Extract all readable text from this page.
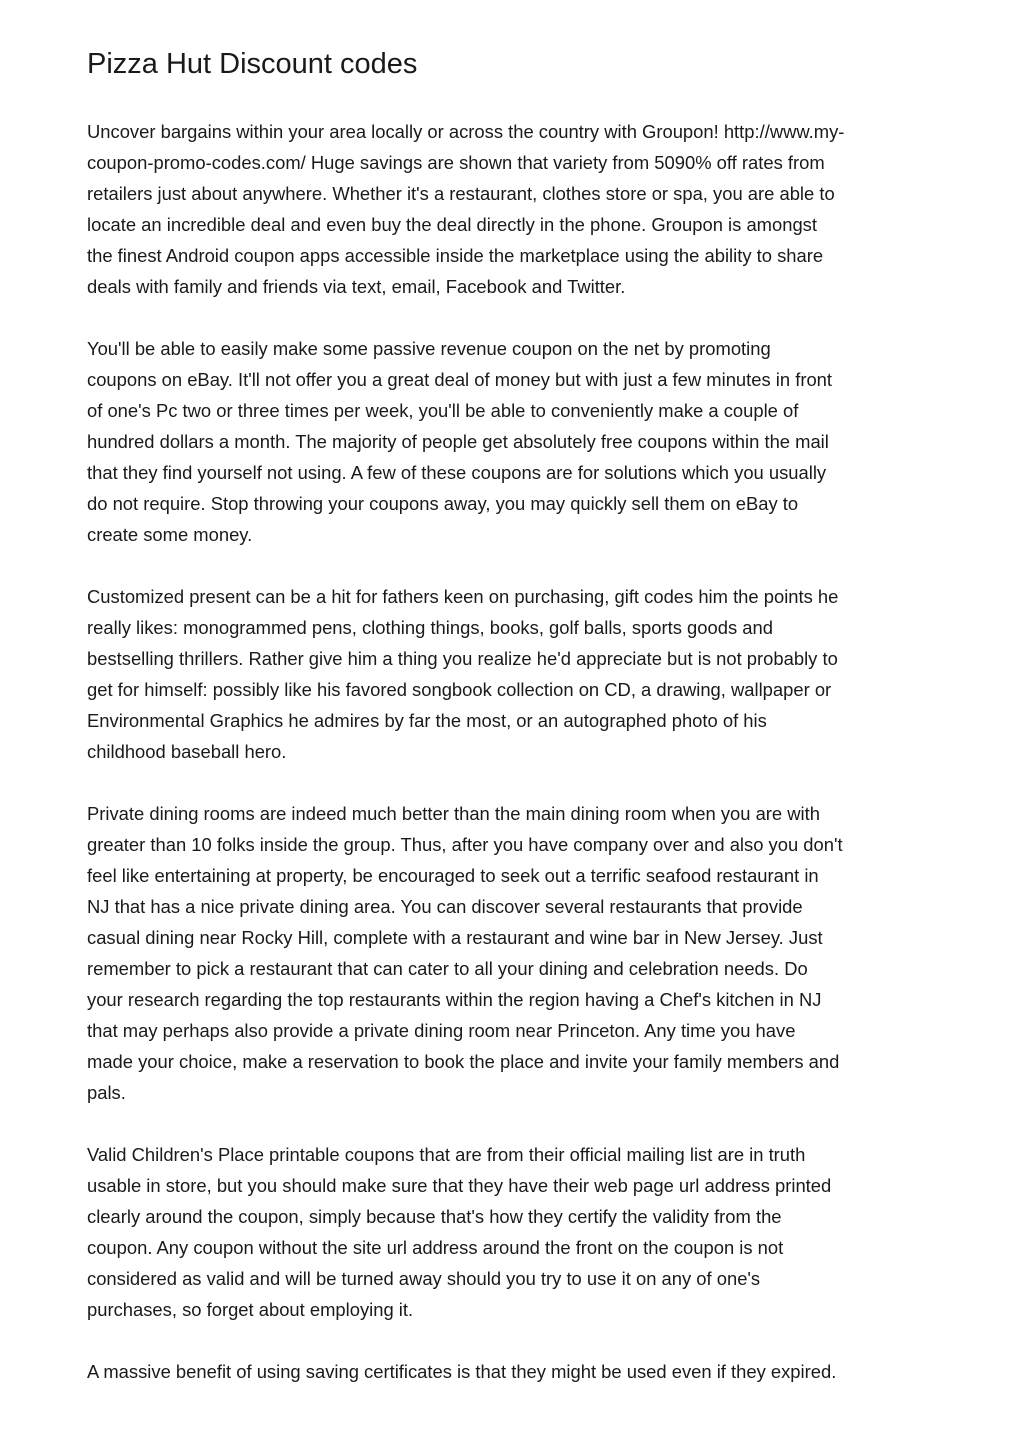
Pizza Hut Discount codes
Uncover bargains within your area locally or across the country with Groupon! http://www.my-
coupon-promo-codes.com/ Huge savings are shown that variety from 5090% off rates from
retailers just about anywhere. Whether it's a restaurant, clothes store or spa, you are able to
locate an incredible deal and even buy the deal directly in the phone. Groupon is amongst
the finest Android coupon apps accessible inside the marketplace using the ability to share
deals with family and friends via text, email, Facebook and Twitter.
You'll be able to easily make some passive revenue coupon on the net by promoting
coupons on eBay. It'll not offer you a great deal of money but with just a few minutes in front
of one's Pc two or three times per week, you'll be able to conveniently make a couple of
hundred dollars a month. The majority of people get absolutely free coupons within the mail
that they find yourself not using. A few of these coupons are for solutions which you usually
do not require. Stop throwing your coupons away, you may quickly sell them on eBay to
create some money.
Customized present can be a hit for fathers keen on purchasing, gift codes him the points he
really likes: monogrammed pens, clothing things, books, golf balls, sports goods and
bestselling thrillers. Rather give him a thing you realize he'd appreciate but is not probably to
get for himself: possibly like his favored songbook collection on CD, a drawing, wallpaper or
Environmental Graphics he admires by far the most, or an autographed photo of his
childhood baseball hero.
Private dining rooms are indeed much better than the main dining room when you are with
greater than 10 folks inside the group. Thus, after you have company over and also you don't
feel like entertaining at property, be encouraged to seek out a terrific seafood restaurant in
NJ that has a nice private dining area. You can discover several restaurants that provide
casual dining near Rocky Hill, complete with a restaurant and wine bar in New Jersey. Just
remember to pick a restaurant that can cater to all your dining and celebration needs. Do
your research regarding the top restaurants within the region having a Chef's kitchen in NJ
that may perhaps also provide a private dining room near Princeton. Any time you have
made your choice, make a reservation to book the place and invite your family members and
pals.
Valid Children's Place printable coupons that are from their official mailing list are in truth
usable in store, but you should make sure that they have their web page url address printed
clearly around the coupon, simply because that's how they certify the validity from the
coupon. Any coupon without the site url address around the front on the coupon is not
considered as valid and will be turned away should you try to use it on any of one's
purchases, so forget about employing it.
A massive benefit of using saving certificates is that they might be used even if they expired.
